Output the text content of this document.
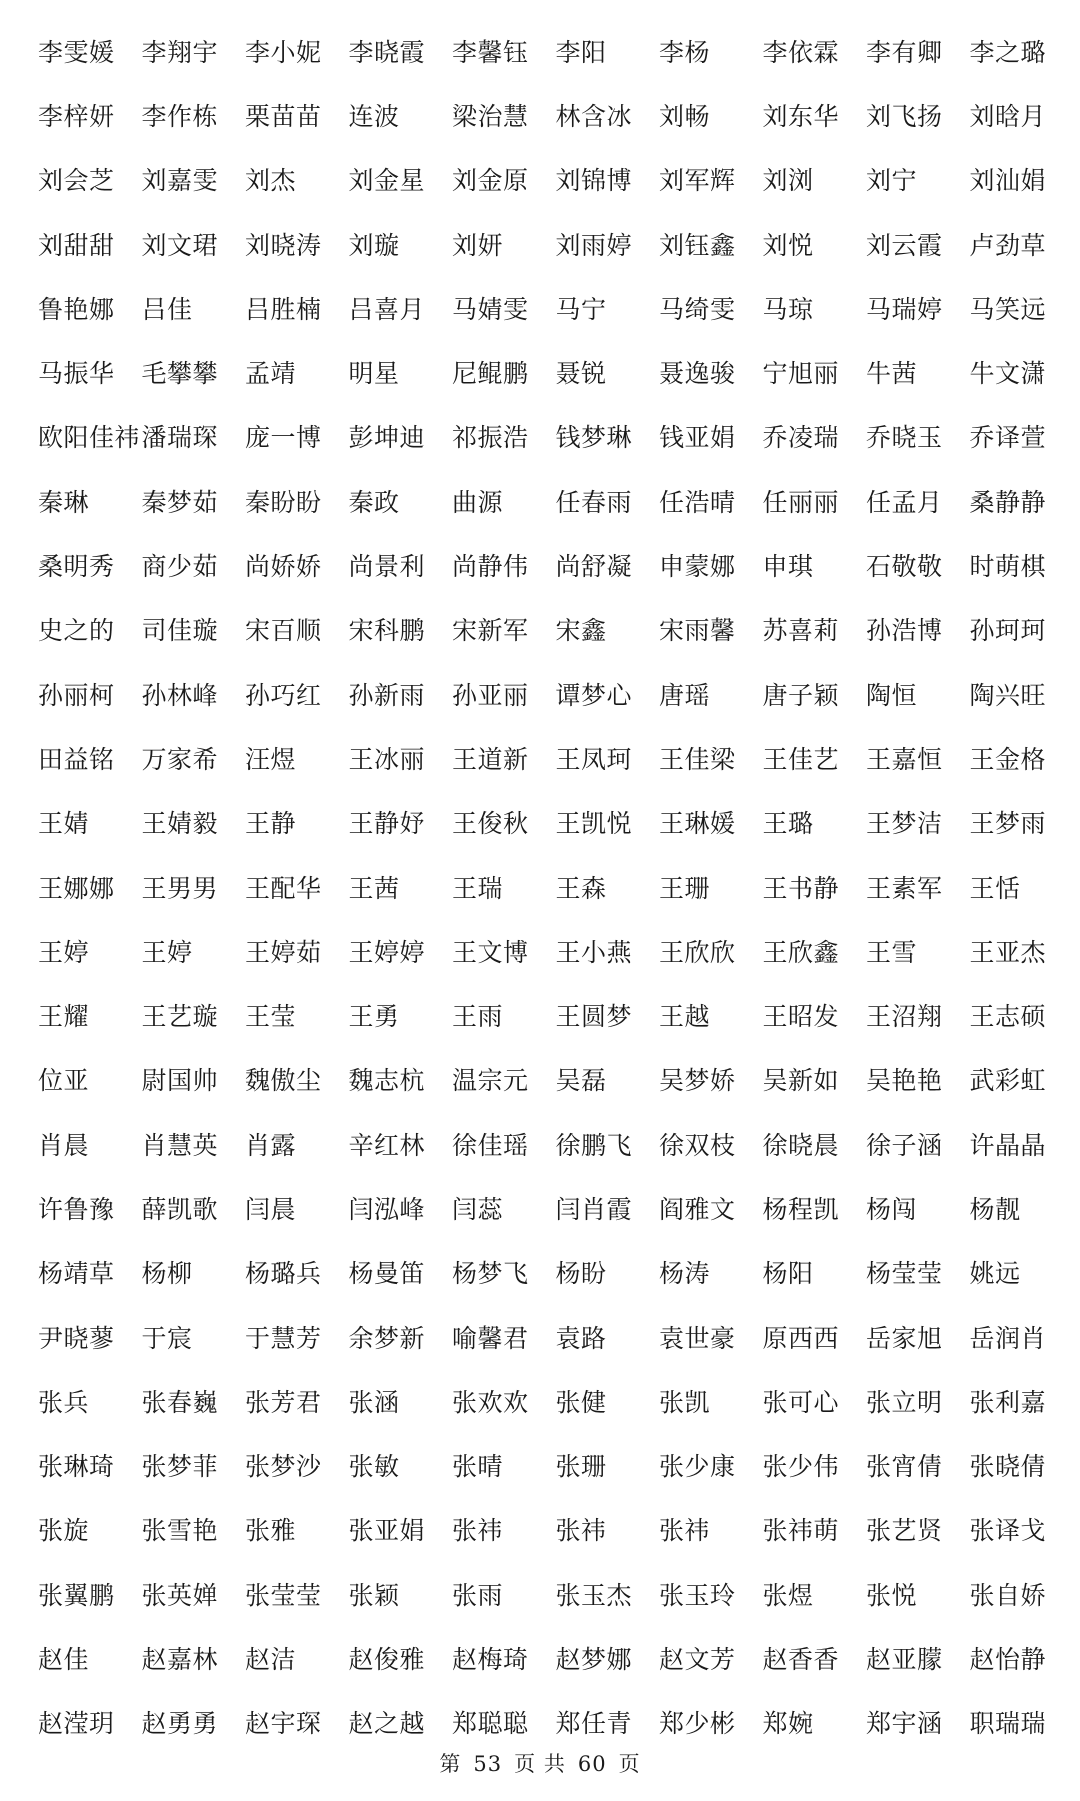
李雯媛	李翔宇	李小妮	李晓霞	李馨钰	李阳	李杨	李依霖	李有卿	李之璐
李梓妍	李作栋	栗苗苗	连波	梁治慧	林含冰	刘畅	刘东华	刘飞扬	刘晗月
刘会芝	刘嘉雯	刘杰	刘金星	刘金原	刘锦博	刘军辉	刘浏	刘宁	刘汕娟
刘甜甜	刘文珺	刘晓涛	刘璇	刘妍	刘雨婷	刘钰鑫	刘悦	刘云霞	卢劲草
鲁艳娜	吕佳	吕胜楠	吕喜月	马婧雯	马宁	马绮雯	马琼	马瑞婷	马笑远
马振华	毛攀攀	孟靖	明星	尼鲲鹏	聂锐	聂逸骏	宁旭丽	牛茜	牛文潇
欧阳佳祎 潘瑞琛	庞一博	彭坤迪	祁振浩	钱梦琳	钱亚娟	乔凌瑞	乔晓玉	乔译萱
秦琳	秦梦茹	秦盼盼	秦政	曲源	任春雨	任浩晴	任丽丽	任孟月	桑静静
桑明秀	商少茹	尚娇娇	尚景利	尚静伟	尚舒凝	申蒙娜	申琪	石敬敬	时萌棋
史之的	司佳璇	宋百顺	宋科鹏	宋新军	宋鑫	宋雨馨	苏喜莉	孙浩博	孙珂珂
孙丽柯	孙林峰	孙巧红	孙新雨	孙亚丽	谭梦心	唐瑶	唐子颖	陶恒	陶兴旺
田益铭	万家希	汪煜	王冰丽	王道新	王凤珂	王佳梁	王佳艺	王嘉恒	王金格
王婧	王婧毅	王静	王静妤	王俊秋	王凯悦	王琳媛	王璐	王梦洁	王梦雨
王娜娜	王男男	王配华	王茜	王瑞	王森	王珊	王书静	王素军	王恬
王婷	王婷	王婷茹	王婷婷	王文博	王小燕	王欣欣	王欣鑫	王雪	王亚杰
王耀	王艺璇	王莹	王勇	王雨	王圆梦	王越	王昭发	王沼翔	王志硕
位亚	尉国帅	魏傲尘	魏志杭	温宗元	吴磊	吴梦娇	吴新如	吴艳艳	武彩虹
肖晨	肖慧英	肖露	辛红林	徐佳瑶	徐鹏飞	徐双枝	徐晓晨	徐子涵	许晶晶
许鲁豫	薛凯歌	闫晨	闫泓峰	闫蕊	闫肖霞	阎雅文	杨程凯	杨闯	杨靓
杨靖草	杨柳	杨璐兵	杨曼笛	杨梦飞	杨盼	杨涛	杨阳	杨莹莹	姚远
尹晓蓼	于宸	于慧芳	余梦新	喻馨君	袁路	袁世豪	原西西	岳家旭	岳润肖
张兵	张春巍	张芳君	张涵	张欢欢	张健	张凯	张可心	张立明	张利嘉
张琳琦	张梦菲	张梦沙	张敏	张晴	张珊	张少康	张少伟	张宵倩	张晓倩
张旋	张雪艳	张雅	张亚娟	张祎	张祎	张祎	张祎萌	张艺贤	张译戈
张翼鹏	张英婵	张莹莹	张颖	张雨	张玉杰	张玉玲	张煜	张悦	张自娇
赵佳	赵嘉林	赵洁	赵俊雅	赵梅琦	赵梦娜	赵文芳	赵香香	赵亚朦	赵怡静
赵滢玥	赵勇勇	赵宇琛	赵之越	郑聪聪	郑任青	郑少彬	郑婉	郑宇涵	职瑞瑞
第 53 页 共 60 页
